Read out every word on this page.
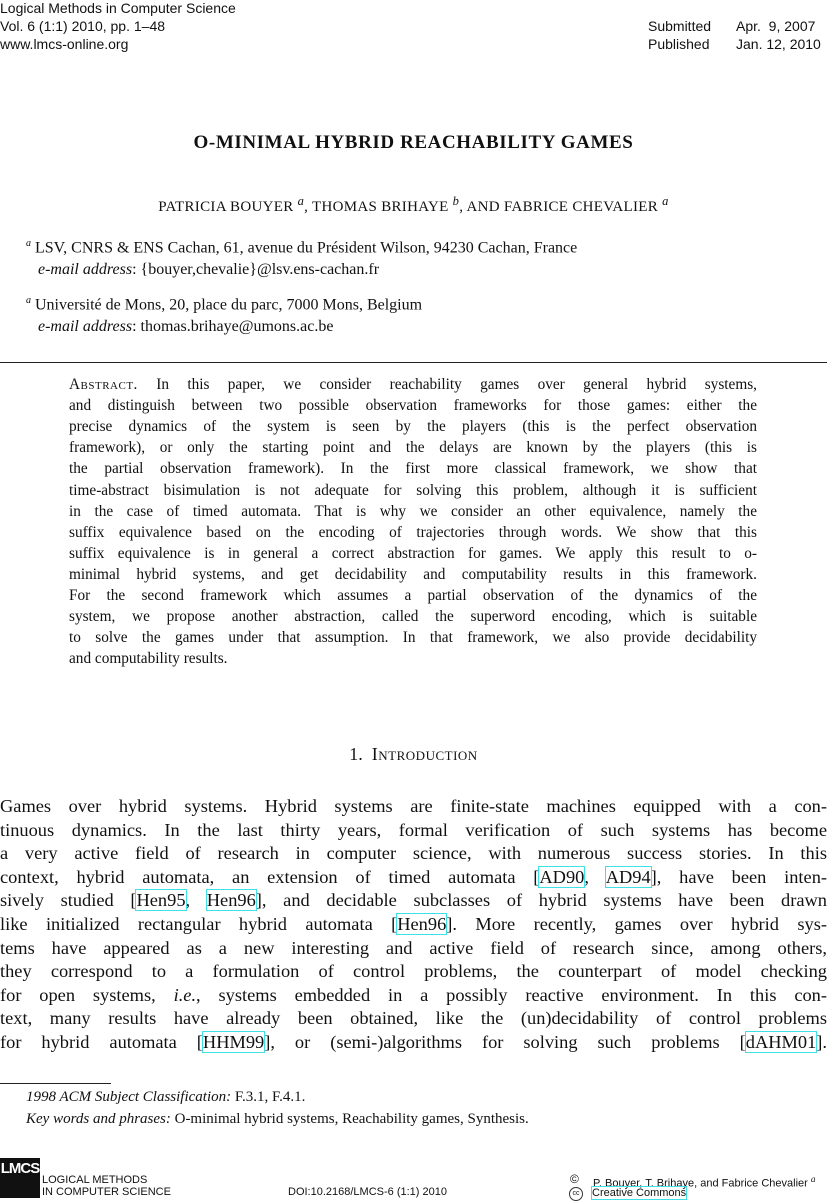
Logical Methods in Computer Science
Vol. 6 (1:1) 2010, pp. 1–48
www.lmcs-online.org
Submitted Apr.  9, 2007
Published Jan. 12, 2010
O-MINIMAL HYBRID REACHABILITY GAMES
PATRICIA BOUYER $^a$, THOMAS BRIHAYE $^b$, AND FABRICE CHEVALIER $^a$
$^a$ LSV, CNRS & ENS Cachan, 61, avenue du Président Wilson, 94230 Cachan, France
e-mail address: {bouyer,chevalie}@lsv.ens-cachan.fr
$^a$ Université de Mons, 20, place du parc, 7000 Mons, Belgium
e-mail address: thomas.brihaye@umons.ac.be
Abstract. In this paper, we consider reachability games over general hybrid systems,
and distinguish between two possible observation frameworks for those games: either the
precise dynamics of the system is seen by the players (this is the perfect observation
framework), or only the starting point and the delays are known by the players (this is
the partial observation framework). In the first more classical framework, we show that
time-abstract bisimulation is not adequate for solving this problem, although it is sufficient
in the case of timed automata. That is why we consider an other equivalence, namely the
suffix equivalence based on the encoding of trajectories through words. We show that this
suffix equivalence is in general a correct abstraction for games. We apply this result to o-
minimal hybrid systems, and get decidability and computability results in this framework.
For the second framework which assumes a partial observation of the dynamics of the
system, we propose another abstraction, called the superword encoding, which is suitable
to solve the games under that assumption. In that framework, we also provide decidability
and computability results.
1. Introduction
Games over hybrid systems. Hybrid systems are finite-state machines equipped with a con-
tinuous dynamics. In the last thirty years, formal verification of such systems has become
a very active field of research in computer science, with numerous success stories. In this
context, hybrid automata, an extension of timed automata [AD90, AD94], have been inten-
sively studied [Hen95, Hen96], and decidable subclasses of hybrid systems have been drawn
like initialized rectangular hybrid automata [Hen96]. More recently, games over hybrid sys-
tems have appeared as a new interesting and active field of research since, among others,
they correspond to a formulation of control problems, the counterpart of model checking
for open systems, i.e., systems embedded in a possibly reactive environment. In this con-
text, many results have already been obtained, like the (un)decidability of control problems
for hybrid automata [HHM99], or (semi-)algorithms for solving such problems [dAHM01].
1998 ACM Subject Classification: F.3.1, F.4.1.
Key words and phrases: O-minimal hybrid systems, Reachability games, Synthesis.
LMCS
LOGICAL METHODS
IN COMPUTER SCIENCE	DOI:10.2168/LMCS-6 (1:1) 2010
© P. Bouyer, T. Brihaye, and Fabrice Chevalier $^a$
cc	Creative Commons
